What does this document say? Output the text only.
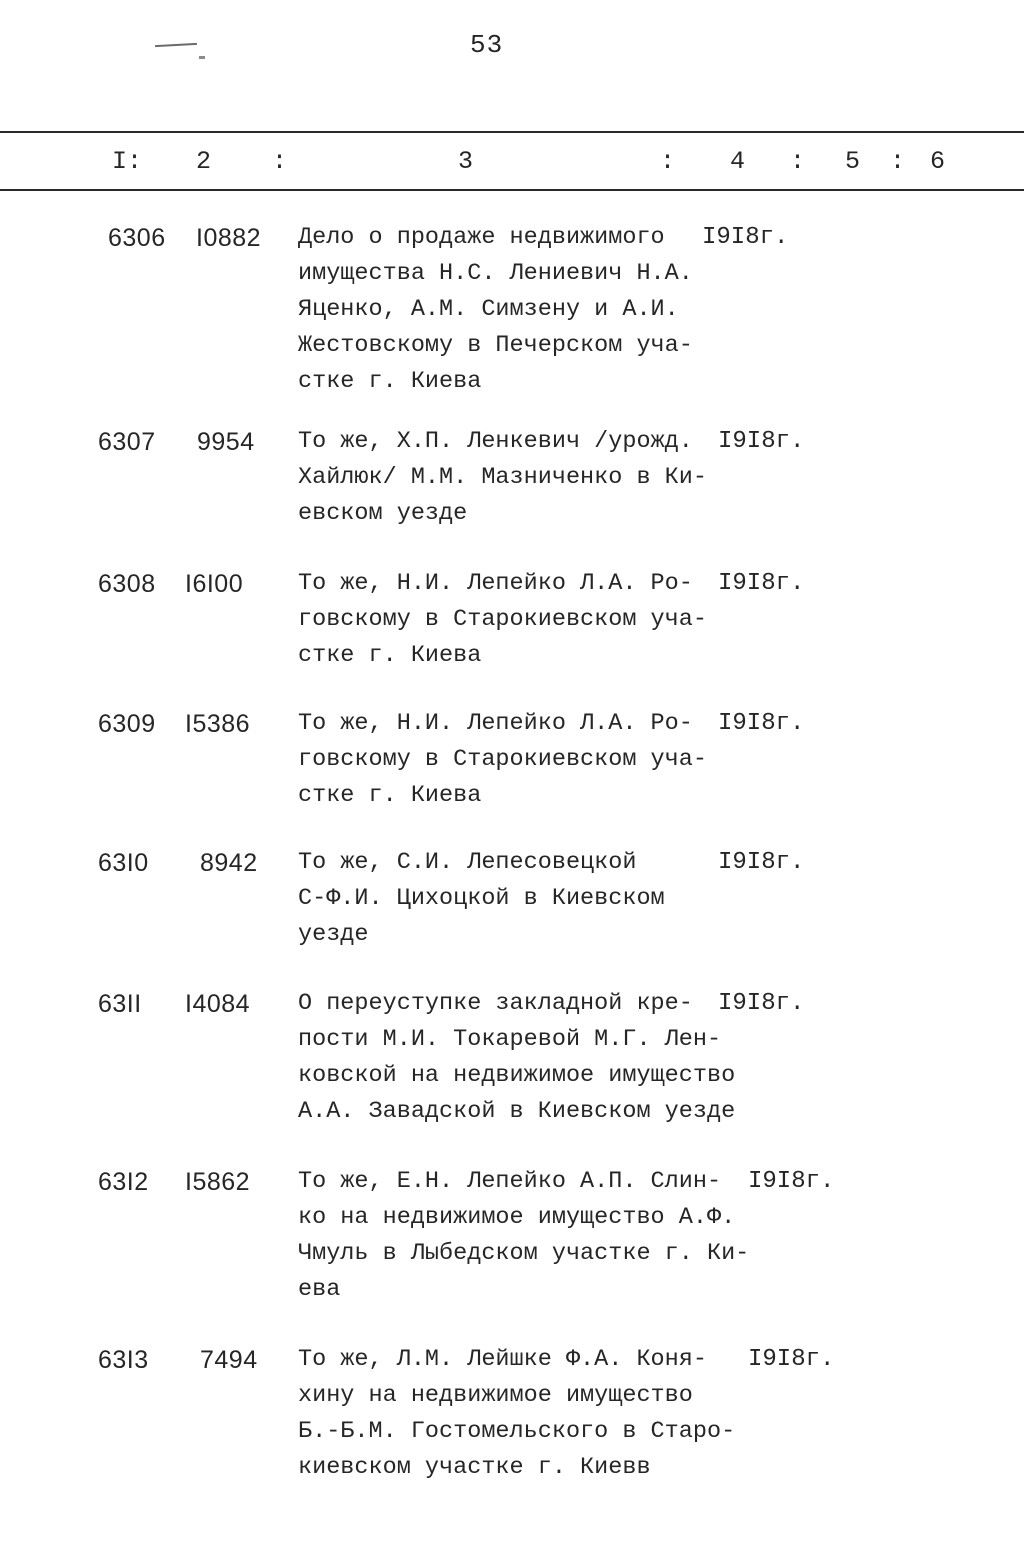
53
I: 2 :	3	: 4 : 5 : 6
6306 I0882 Дело о продаже недвижимого
имущества Н.С. Лениевич Н.А.
Яценко, А.М. Симзену и А.И.
Жестовскому в Печерском уча-
стке г. Киева
I9I8г.
6307 9954 То же, Х.П. Ленкевич /урожд.
Хайлюк/ М.М. Мазниченко в Ки-
евском уезде
I9I8г.
6308 I6I00 То же, Н.И. Лепейко Л.А. Ро-
говскому в Старокиевском уча-
стке г. Киева
I9I8г.
6309 I5386 То же, Н.И. Лепейко Л.А. Ро-
говскому в Старокиевском уча-
стке г. Киева
I9I8г.
63I0 8942 То же, С.И. Лепесовецкой
С-Ф.И. Цихоцкой в Киевском
уезде
I9I8г.
63II I4084 О переуступке закладной кре-
пости М.И. Токаревой М.Г. Лен-
ковской на недвижимое имущество
А.А. Завадской в Киевском уезде
I9I8г.
63I2 I5862 То же, Е.Н. Лепейко А.П. Слин-
ко на недвижимое имущество А.Ф.
Чмуль в Лыбедском участке г. Ки-
ева
I9I8г.
63I3 7494 То же, Л.М. Лейшке Ф.А. Коня-
хину на недвижимое имущество
Б.-Б.М. Гостомельского в Старо-
киевском участке г. Киевв
I9I8г.
